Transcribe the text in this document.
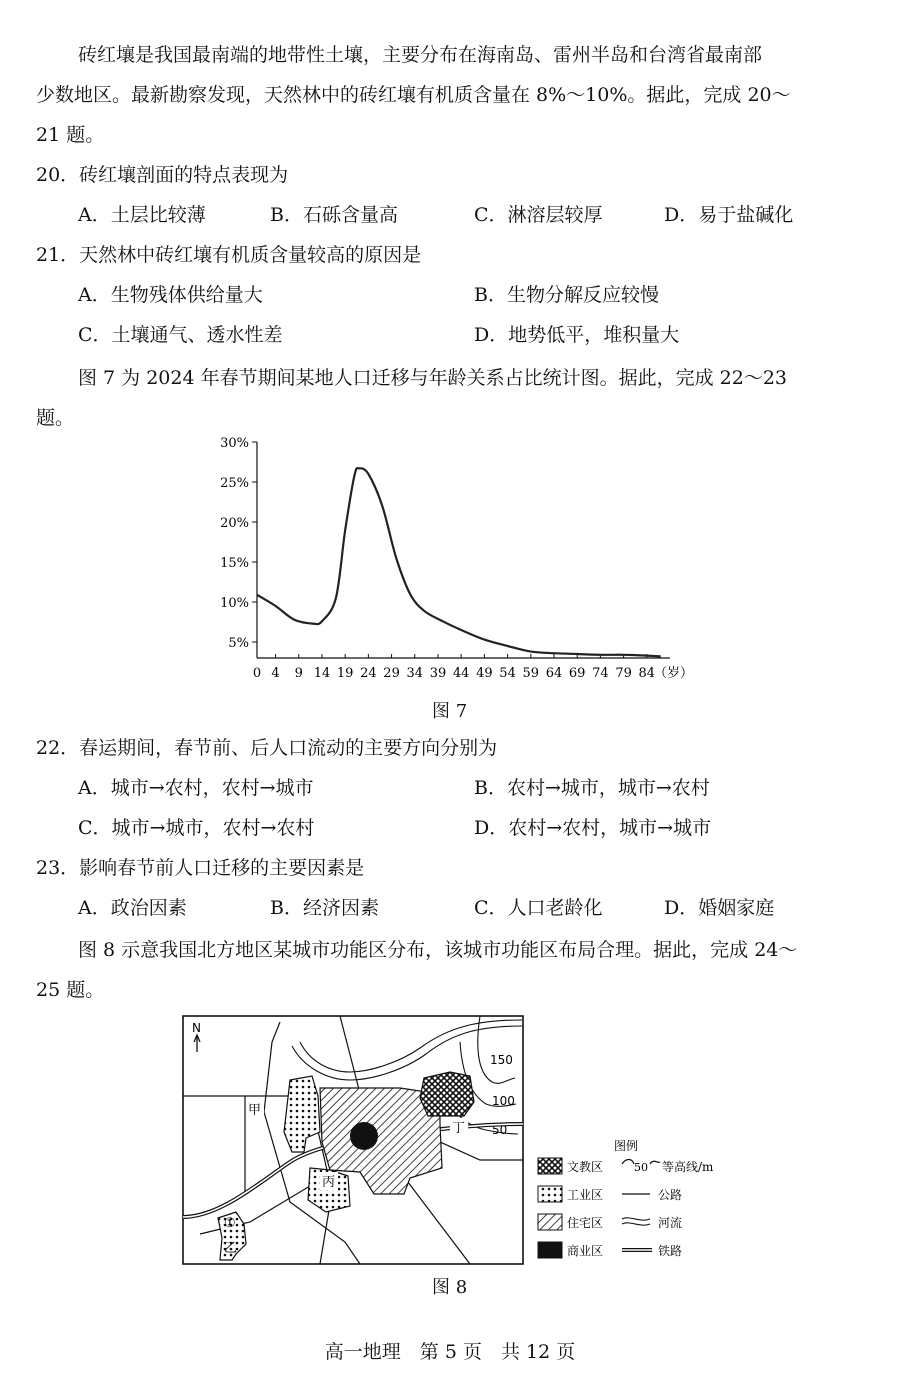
砖红壤是我国最南端的地带性土壤，主要分布在海南岛、雷州半岛和台湾省最南部
少数地区。最新勘察发现，天然林中的砖红壤有机质含量在 8%～10%。据此，完成 20～
21 题。
20．砖红壤剖面的特点表现为
A．土层比较薄	B．石砾含量高	C．淋溶层较厚	D．易于盐碱化
21．天然林中砖红壤有机质含量较高的原因是
A．生物残体供给量大	B．生物分解反应较慢
C．土壤通气、透水性差	D．地势低平，堆积量大
图 7 为 2024 年春节期间某地人口迁移与年龄关系占比统计图。据此，完成 22～23
题。
5%
10%
15%
20%
25%
30%
0 4 9 14 19 24 29 34 39 44 49 54 59 64 69 74 79 84
（岁）
图 7
22．春运期间，春节前、后人口流动的主要方向分别为
A．城市→农村，农村→城市	B．农村→城市，城市→农村
C．城市→城市，农村→农村	D．农村→农村，城市→城市
23．影响春节前人口迁移的主要因素是
A．政治因素	B．经济因素	C．人口老龄化	D．婚姻家庭
图 8 示意我国北方地区某城市功能区分布，该城市功能区布局合理。据此，完成 24～
25 题。
N
150
100
50
甲
丙
丁
乙
①
图例
文教区
工业区
住宅区
商业区
50 等高线/m
公路
河流
铁路
图 8
高一地理　第 5 页　共 12 页
